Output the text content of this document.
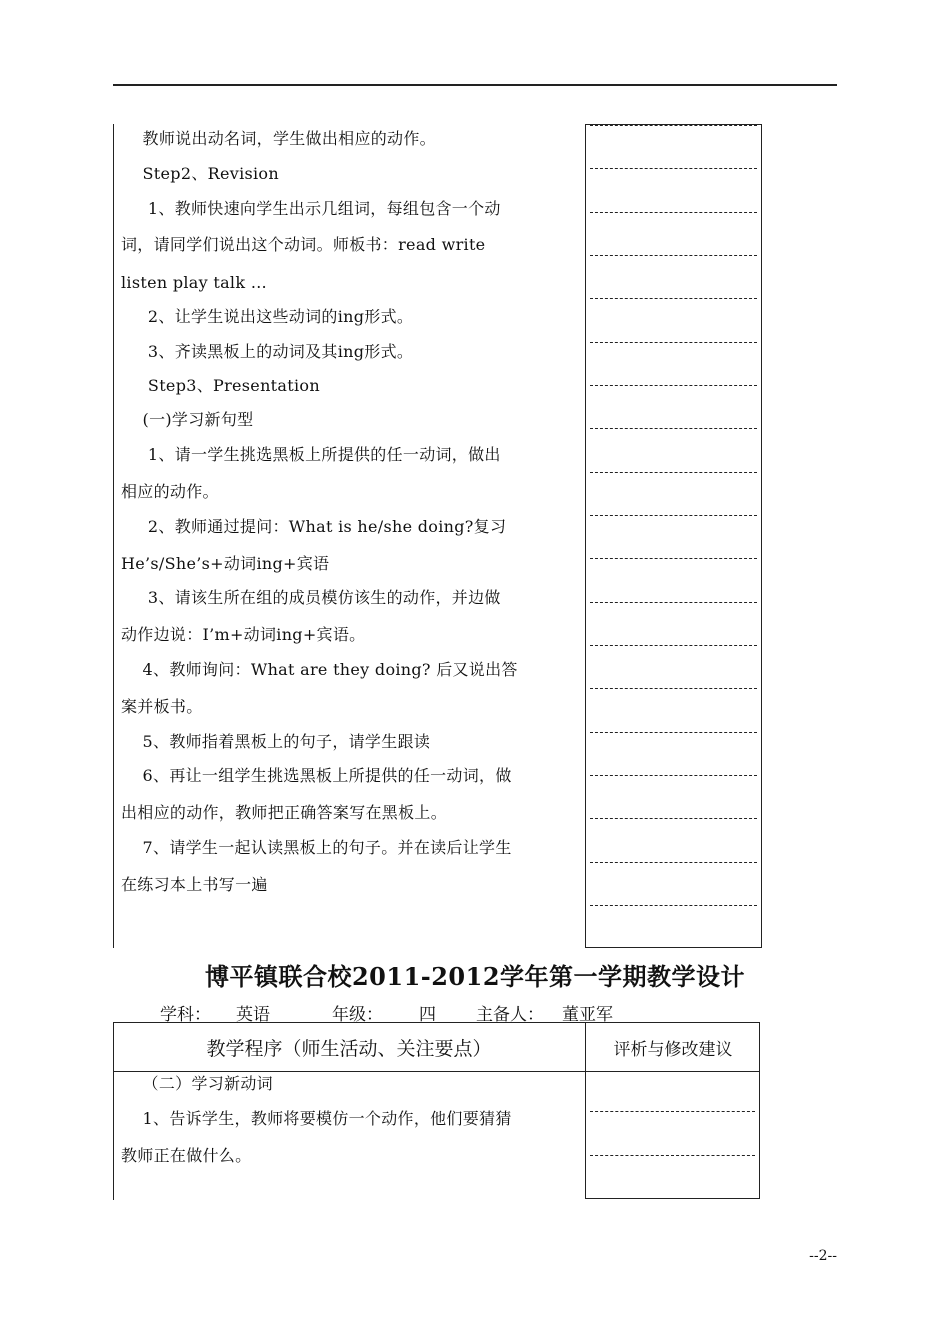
教师说出动名词，学生做出相应的动作。
Step2、Revision
1、教师快速向学生出示几组词，每组包含一个动
词，请同学们说出这个动词。师板书：read write
listen play talk …
2、让学生说出这些动词的ing形式。
3、齐读黑板上的动词及其ing形式。
Step3、Presentation
(一)学习新句型
1、请一学生挑选黑板上所提供的任一动词，做出
相应的动作。
2、教师通过提问：What is he/she doing?复习
He’s/She’s+动词ing+宾语
3、请该生所在组的成员模仿该生的动作，并边做
动作边说：I’m+动词ing+宾语。
4、教师询问：What are they doing? 后又说出答
案并板书。
5、教师指着黑板上的句子，请学生跟读
6、再让一组学生挑选黑板上所提供的任一动词，做
出相应的动作，教师把正确答案写在黑板上。
7、请学生一起认读黑板上的句子。并在读后让学生
在练习本上书写一遍
博平镇联合校2011-2012学年第一学期教学设计
学科： 英语	年级： 四 主备人： 董亚军
教学程序（师生活动、关注要点）	评析与修改建议
（二）学习新动词
1、告诉学生，教师将要模仿一个动作，他们要猜猜
教师正在做什么。
--2--
